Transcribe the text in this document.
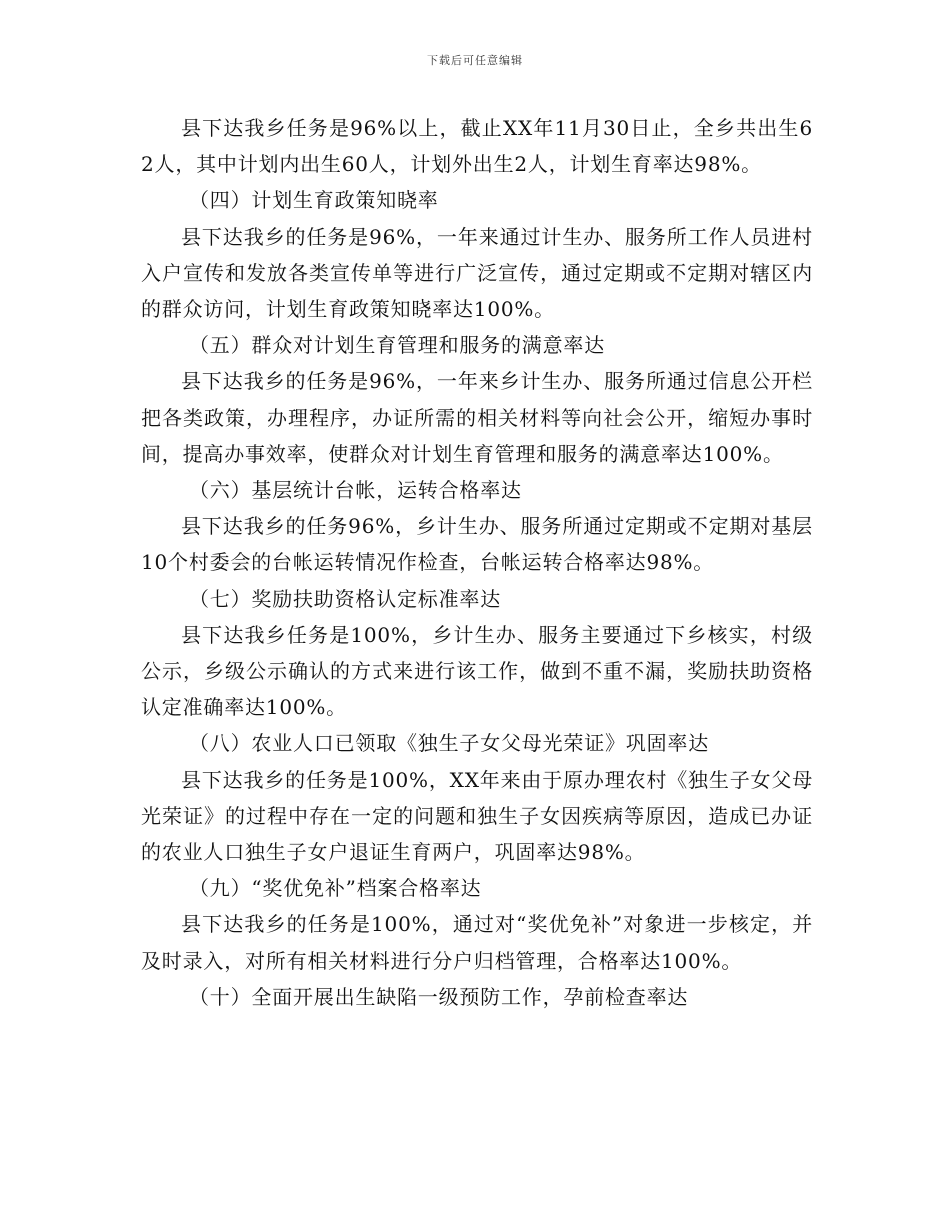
下载后可任意编辑

县下达我乡任务是96%以上，截止XX年11月30日止，全乡共出生62人，其中计划内出生60人，计划外出生2人，计划生育率达98%。

（四）计划生育政策知晓率

县下达我乡的任务是96%，一年来通过计生办、服务所工作人员进村入户宣传和发放各类宣传单等进行广泛宣传，通过定期或不定期对辖区内的群众访问，计划生育政策知晓率达100%。

（五）群众对计划生育管理和服务的满意率达

县下达我乡的任务是96%，一年来乡计生办、服务所通过信息公开栏把各类政策，办理程序，办证所需的相关材料等向社会公开，缩短办事时间，提高办事效率，使群众对计划生育管理和服务的满意率达100%。

（六）基层统计台帐，运转合格率达

县下达我乡的任务96%，乡计生办、服务所通过定期或不定期对基层10个村委会的台帐运转情况作检查，台帐运转合格率达98%。

（七）奖励扶助资格认定标准率达

县下达我乡任务是100%，乡计生办、服务主要通过下乡核实，村级公示，乡级公示确认的方式来进行该工作，做到不重不漏，奖励扶助资格认定准确率达100%。

（八）农业人口已领取《独生子女父母光荣证》巩固率达

县下达我乡的任务是100%，XX年来由于原办理农村《独生子女父母光荣证》的过程中存在一定的问题和独生子女因疾病等原因，造成已办证的农业人口独生子女户退证生育两户，巩固率达98%。

（九）“奖优免补”档案合格率达

县下达我乡的任务是100%，通过对“奖优免补”对象进一步核定，并及时录入，对所有相关材料进行分户归档管理，合格率达100%。

（十）全面开展出生缺陷一级预防工作，孕前检查率达
